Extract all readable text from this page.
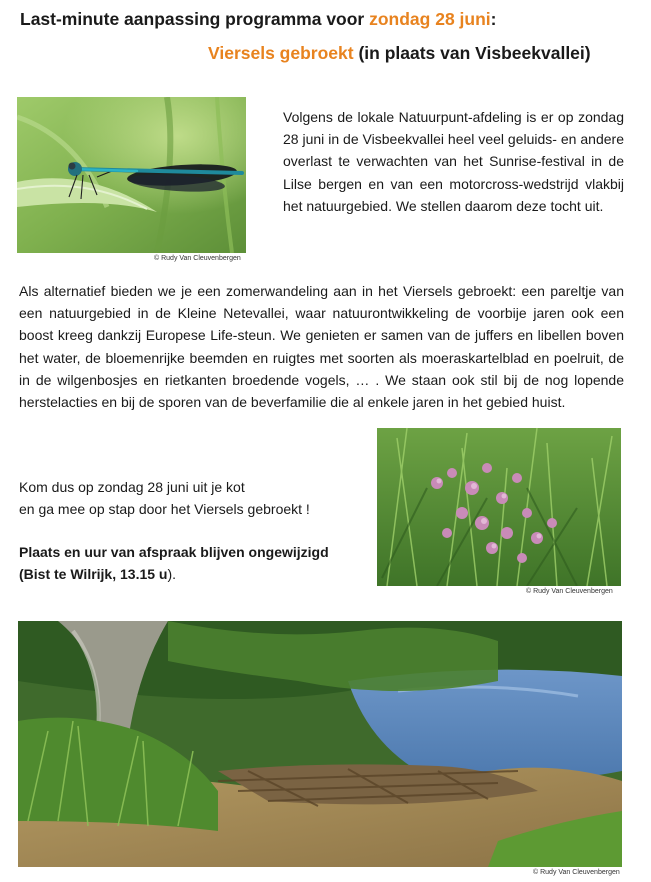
Last-minute aanpassing programma voor zondag 28 juni:
Viersels gebroekt (in plaats van Visbeekvallei)
© Rudy Van Cleuvenbergen

Volgens de lokale Natuurpunt-afdeling is er op zondag 28 juni in de Visbeekvallei heel veel geluids- en andere overlast te verwachten van het Sunrise-festival in de Lilse bergen en van een motorcross-wedstrijd vlakbij het natuurgebied. We stellen daarom deze tocht uit.

Als alternatief bieden we je een zomerwandeling aan in het Viersels gebroekt: een pareltje van een natuurgebied in de Kleine Netevallei, waar natuurontwikkeling de voorbije jaren ook een boost kreeg dankzij Europese Life-steun. We genieten er samen van de juffers en libellen boven het water, de bloemenrijke beemden en ruigtes met soorten als moeraskartelblad en poelruit, de in de wilgenbosjes en rietkanten broedende vogels, … . We staan ook stil bij de nog lopende herstelacties en bij de sporen van de beverfamilie die al enkele jaren in het gebied huist.

© Rudy Van Cleuvenbergen

Kom dus op zondag 28 juni uit je kot

en ga mee op stap door het Viersels gebroekt !

Plaats en uur van afspraak blijven ongewijzigd

(Bist te Wilrijk, 13.15 u).

© Rudy Van Cleuvenbergen
